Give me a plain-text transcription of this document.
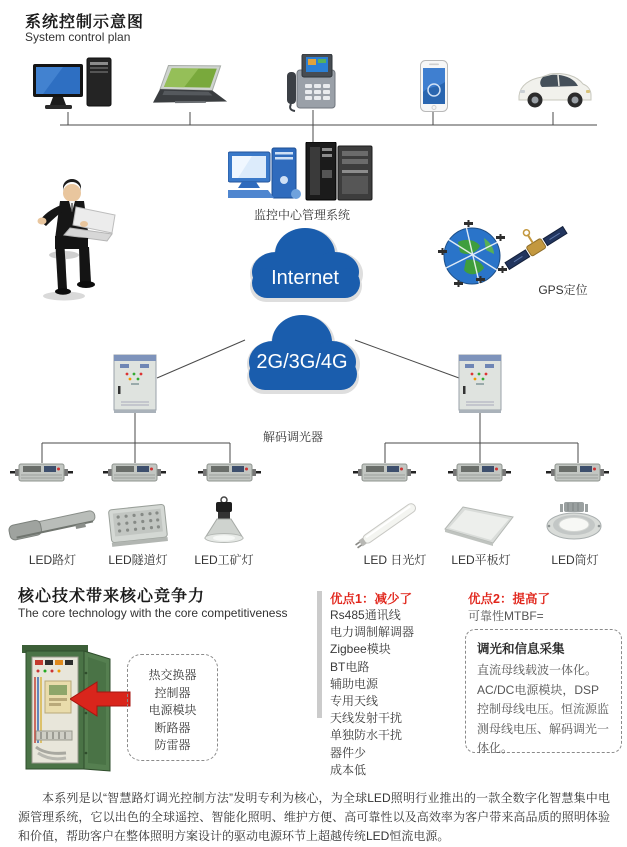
系统控制示意图
System control plan
监控中心管理系统
Internet
GPS定位
2G/3G/4G
解码调光器
LED路灯	LED隧道灯	LED工矿灯	LED 日光灯	LED平板灯	LED筒灯
核心技术带来核心竞争力
The core technology with the core competitiveness
热交换器
控制器
电源模块
断路器
防雷器
优点1：减少了
Rs485通讯线
电力调制解调器
Zigbee模块
BT电路
辅助电源
专用天线
天线发射干扰
单独防水干扰
器件少
成本低
优点2：提高了
可靠性MTBF=
调光和信息采集
直流母线载波一体化。AC/DC电源模块，DSP控制母线电压。恒流源监测母线电压、解码调光一体化。
本系列是以“智慧路灯调光控制方法”发明专利为核心，为全球LED照明行业推出的一款全数字化智慧集中电源管理系统，它以出色的全球遥控、智能化照明、维护方便、高可靠性以及高效率为客户带来高品质的照明体验和价值，帮助客户在整体照明方案设计的驱动电源环节上超越传统LED恒流电源。
